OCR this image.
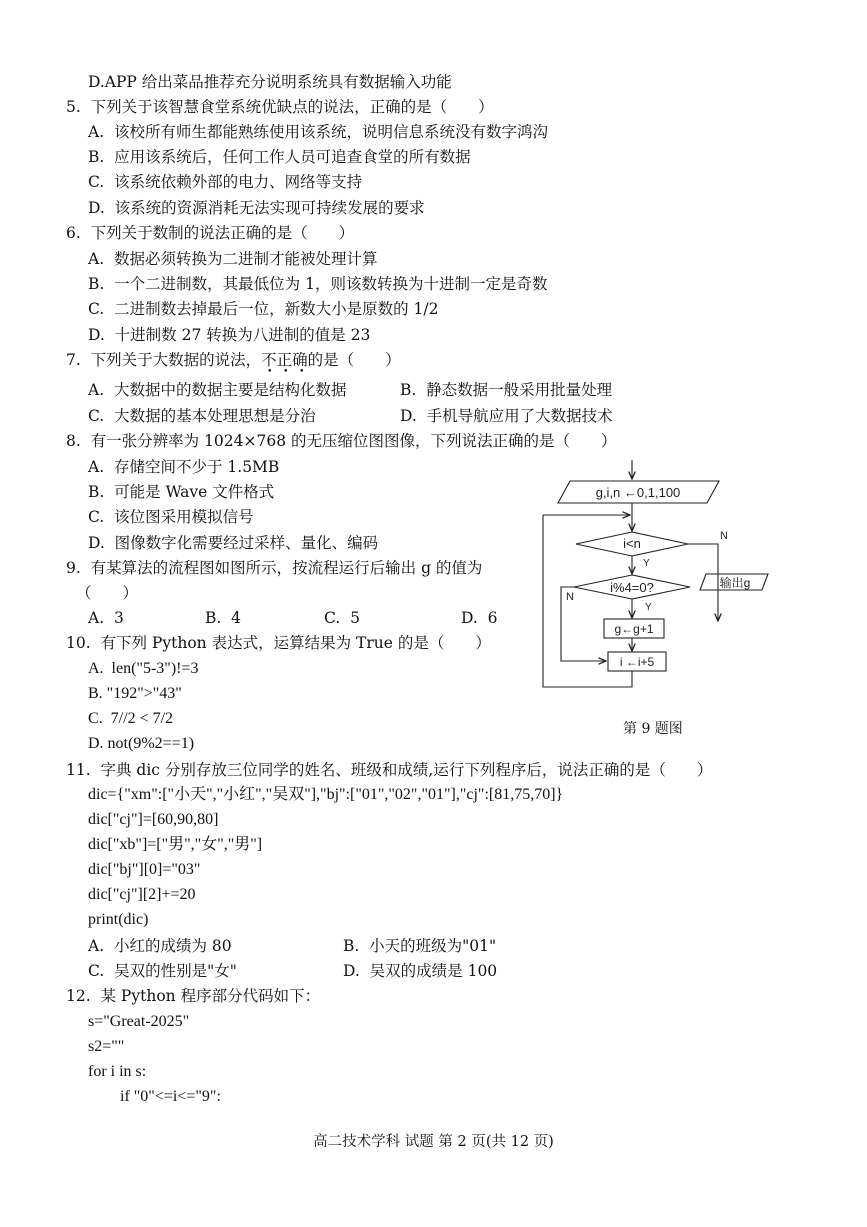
D.APP 给出菜品推荐充分说明系统具有数据输入功能
5.  下列关于该智慧食堂系统优缺点的说法，正确的是（　　）
A.  该校所有师生都能熟练使用该系统，说明信息系统没有数字鸿沟
B.  应用该系统后，任何工作人员可追查食堂的所有数据
C.  该系统依赖外部的电力、网络等支持
D.  该系统的资源消耗无法实现可持续发展的要求
6.  下列关于数制的说法正确的是（　　）
A.  数据必须转换为二进制才能被处理计算
B.  一个二进制数，其最低位为 1，则该数转换为十进制一定是奇数
C.  二进制数去掉最后一位，新数大小是原数的 1/2
D.  十进制数 27 转换为八进制的值是 23
7.  下列关于大数据的说法，不正确
• • •
的是（　　）
A.  大数据中的数据主要是结构化数据	B.  静态数据一般采用批量处理
C.  大数据的基本处理思想是分治	D.  手机导航应用了大数据技术
8.  有一张分辨率为 1024×768 的无压缩位图图像，下列说法正确的是（　　）
A.  存储空间不少于 1.5MB
B.  可能是 Wave 文件格式
C.  该位图采用模拟信号
D.  图像数字化需要经过采样、量化、编码
9.  有某算法的流程图如图所示，按流程运行后输出 g 的值为
（　　）
A.  3	B.  4	C.  5	D.  6
10.  有下列 Python 表达式，运算结果为 True 的是（　　）
A.  len("5-3")!=3
B. "192">"43"
C.  7//2 < 7/2
D. not(9%2==1)
g,i,n ←0,1,100
i<n
i%4=0?	输出g
g←g+1
i ←i+5
Y
Y
N
N
第 9 题图
11.  字典 dic 分别存放三位同学的姓名、班级和成绩,运行下列程序后，说法正确的是（　　）
dic={"xm":["小天","小红","吴双"],"bj":["01","02","01"],"cj":[81,75,70]}
dic["cj"]=[60,90,80]
dic["xb"]=["男","女","男"]
dic["bj"][0]="03"
dic["cj"][2]+=20
print(dic)
A.  小红的成绩为 80	B.  小天的班级为"01"
C.  吴双的性别是"女"	D.  吴双的成绩是 100
12.  某 Python 程序部分代码如下：
s="Great-2025"
s2=""
for i in s:
if "0"<=i<="9":
高二技术学科 试题 第 2 页(共 12 页)
